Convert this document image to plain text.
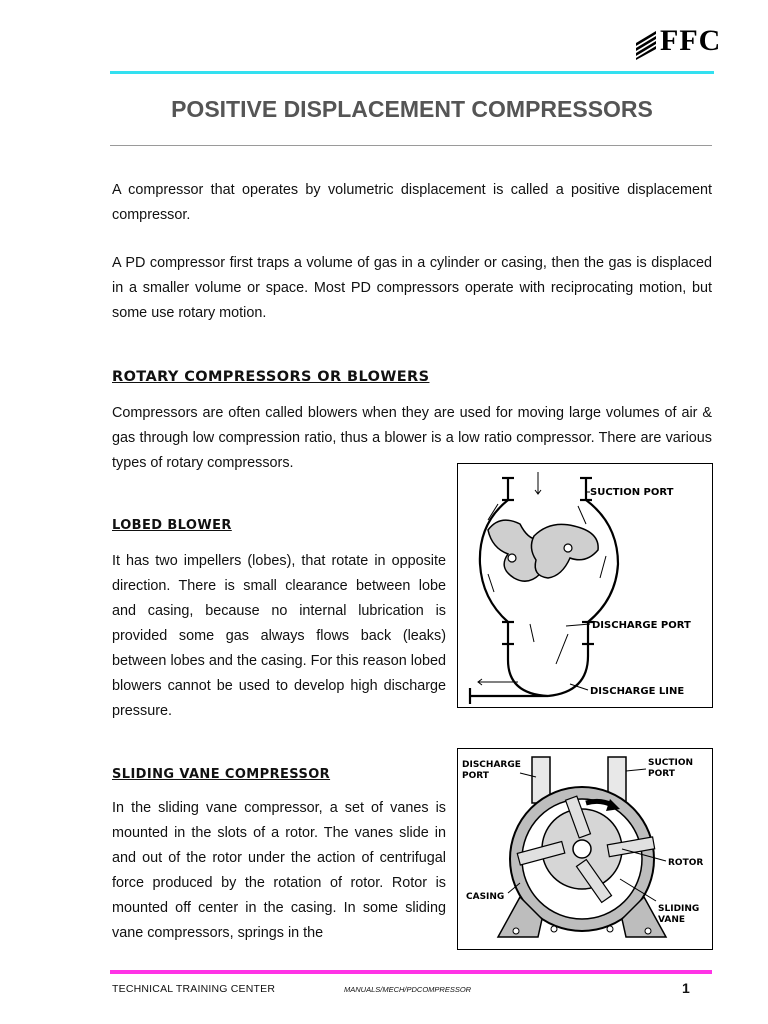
FFC
POSITIVE DISPLACEMENT COMPRESSORS
A compressor that operates by volumetric displacement is called a positive displacement compressor.
A PD compressor first traps a volume of gas in a cylinder or casing, then the gas is displaced in a smaller volume or space. Most PD compressors operate with reciprocating motion, but some use rotary motion.
ROTARY COMPRESSORS OR BLOWERS
Compressors are often called blowers when they are used for moving large volumes of air & gas through low compression ratio, thus a blower is a low ratio compressor. There are various types of rotary compressors.
LOBED BLOWER
It has two impellers (lobes), that rotate in opposite direction. There is small clearance between lobe and casing, because no internal lubrication is provided some gas always flows back (leaks) between lobes and the casing. For this reason lobed blowers cannot be used to develop high discharge pressure.
SLIDING VANE COMPRESSOR
In the sliding vane compressor, a set of vanes is mounted in the slots of a rotor. The vanes slide in and out of the rotor under the action of centrifugal force produced by the rotation of rotor. Rotor is mounted off center in the casing. In some sliding vane compressors, springs in the
SUCTION PORT
DISCHARGE PORT
DISCHARGE LINE
DISCHARGE
PORT
SUCTION
PORT
ROTOR
CASING
SLIDING
VANE
TECHNICAL TRAINING CENTER	MANUALS/MECH/PDCOMPRESSOR	1
